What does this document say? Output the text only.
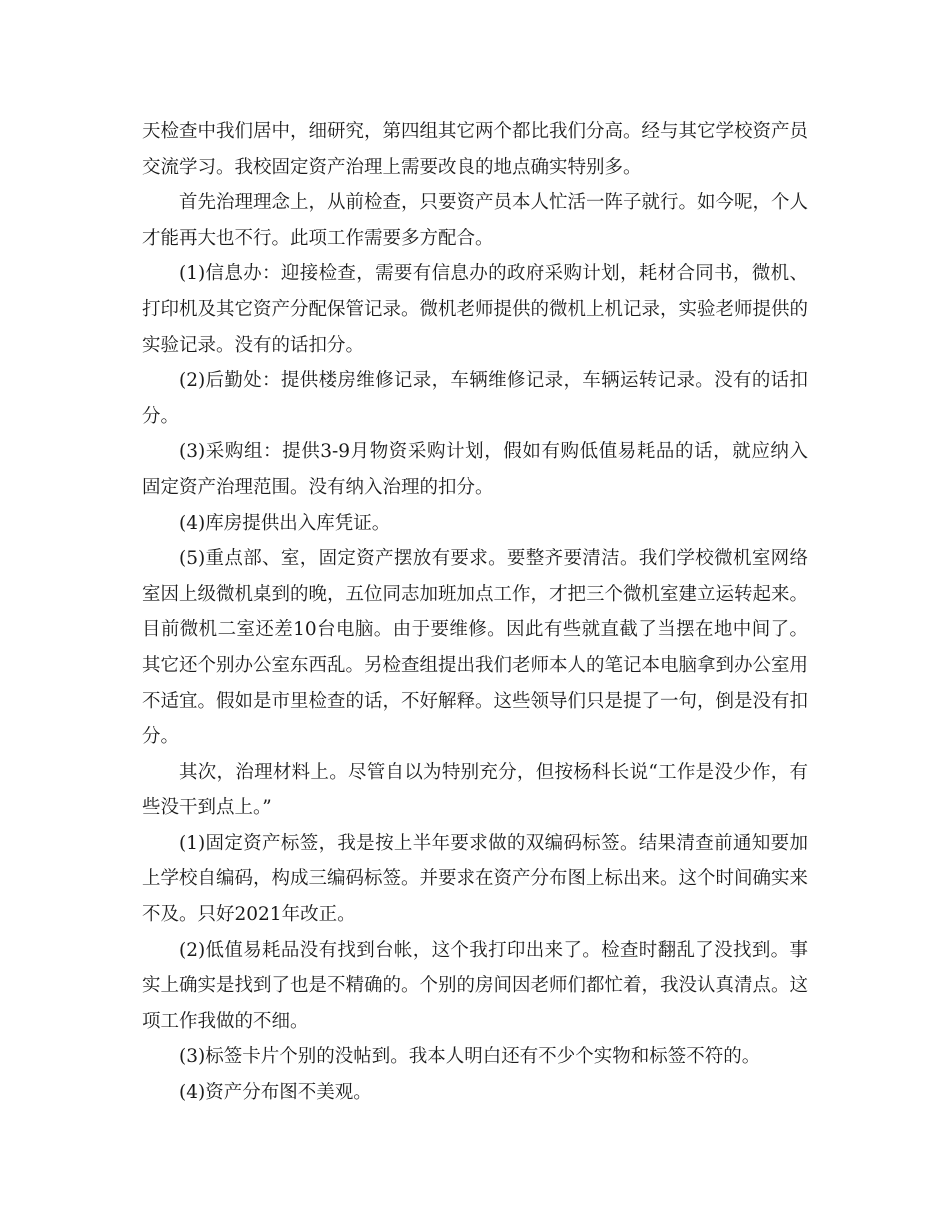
天检查中我们居中，细研究，第四组其它两个都比我们分高。经与其它学校资产员交流学习。我校固定资产治理上需要改良的地点确实特别多。

首先治理理念上，从前检查，只要资产员本人忙活一阵子就行。如今呢，个人才能再大也不行。此项工作需要多方配合。

(1)信息办：迎接检查，需要有信息办的政府采购计划，耗材合同书，微机、打印机及其它资产分配保管记录。微机老师提供的微机上机记录，实验老师提供的实验记录。没有的话扣分。

(2)后勤处：提供楼房维修记录，车辆维修记录，车辆运转记录。没有的话扣分。

(3)采购组：提供3-9月物资采购计划，假如有购低值易耗品的话，就应纳入固定资产治理范围。没有纳入治理的扣分。

(4)库房提供出入库凭证。

(5)重点部、室，固定资产摆放有要求。要整齐要清洁。我们学校微机室网络室因上级微机桌到的晚，五位同志加班加点工作，才把三个微机室建立运转起来。目前微机二室还差10台电脑。由于要维修。因此有些就直截了当摆在地中间了。其它还个别办公室东西乱。另检查组提出我们老师本人的笔记本电脑拿到办公室用不适宜。假如是市里检查的话，不好解释。这些领导们只是提了一句，倒是没有扣分。

其次，治理材料上。尽管自以为特别充分，但按杨科长说“工作是没少作，有些没干到点上。”

(1)固定资产标签，我是按上半年要求做的双编码标签。结果清查前通知要加上学校自编码，构成三编码标签。并要求在资产分布图上标出来。这个时间确实来不及。只好2021年改正。

(2)低值易耗品没有找到台帐，这个我打印出来了。检查时翻乱了没找到。事实上确实是找到了也是不精确的。个别的房间因老师们都忙着，我没认真清点。这项工作我做的不细。

(3)标签卡片个别的没帖到。我本人明白还有不少个实物和标签不符的。

(4)资产分布图不美观。
